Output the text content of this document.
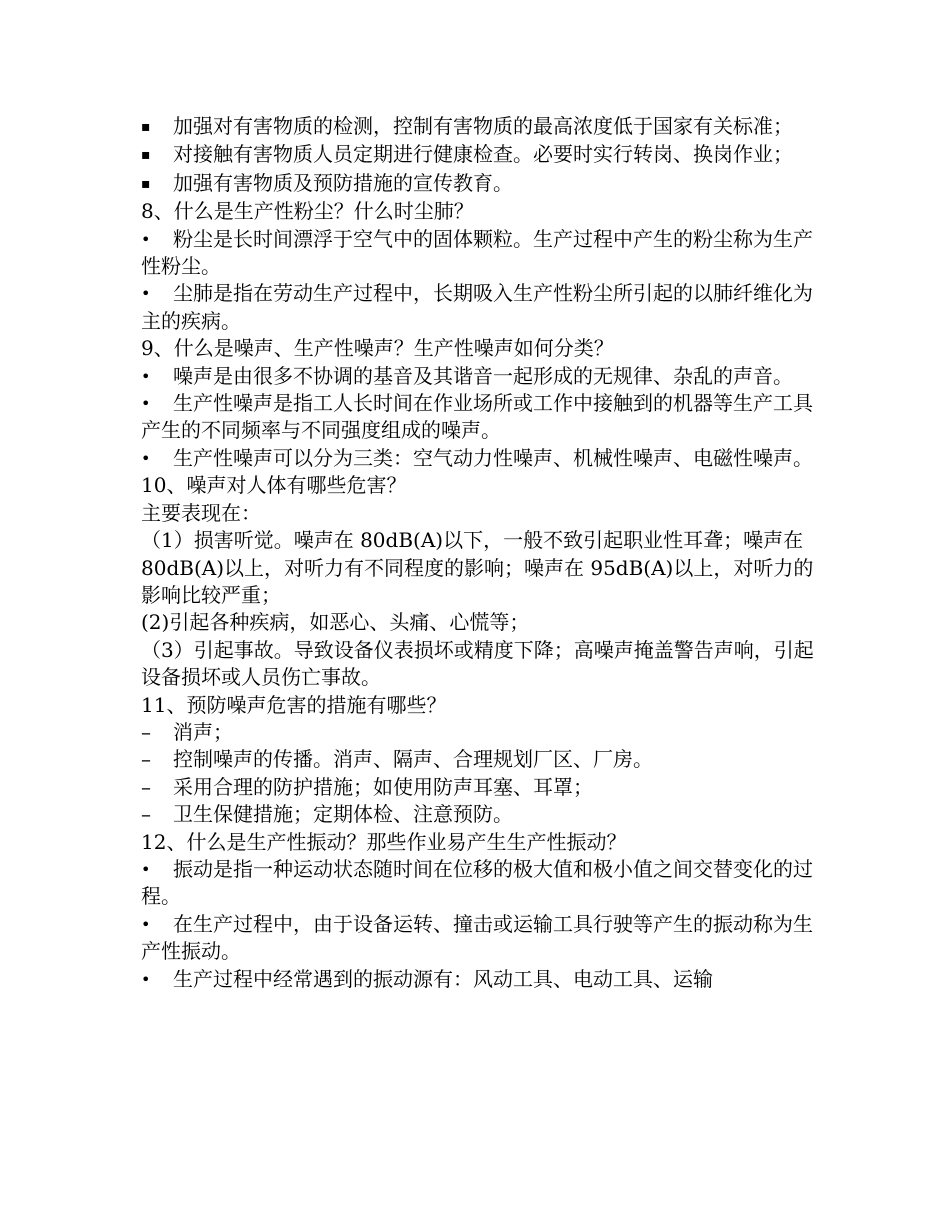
▪ 加强对有害物质的检测，控制有害物质的最高浓度低于国家有关标准；

▪ 对接触有害物质人员定期进行健康检查。必要时实行转岗、换岗作业；

▪ 加强有害物质及预防措施的宣传教育。

8、什么是生产性粉尘？什么时尘肺？

• 粉尘是长时间漂浮于空气中的固体颗粒。生产过程中产生的粉尘称为生产性粉尘。

• 尘肺是指在劳动生产过程中，长期吸入生产性粉尘所引起的以肺纤维化为主的疾病。

9、什么是噪声、生产性噪声？生产性噪声如何分类？

• 噪声是由很多不协调的基音及其谐音一起形成的无规律、杂乱的声音。

• 生产性噪声是指工人长时间在作业场所或工作中接触到的机器等生产工具产生的不同频率与不同强度组成的噪声。

• 生产性噪声可以分为三类：空气动力性噪声、机械性噪声、电磁性噪声。

10、噪声对人体有哪些危害？

主要表现在：

（1）损害听觉。噪声在 80dB(A)以下，一般不致引起职业性耳聋；噪声在 80dB(A)以上，对听力有不同程度的影响；噪声在 95dB(A)以上，对听力的影响比较严重；

(2)引起各种疾病，如恶心、头痛、心慌等；

（3）引起事故。导致设备仪表损坏或精度下降；高噪声掩盖警告声响，引起设备损坏或人员伤亡事故。

11、预防噪声危害的措施有哪些？

– 消声；

– 控制噪声的传播。消声、隔声、合理规划厂区、厂房。

– 采用合理的防护措施；如使用防声耳塞、耳罩；

– 卫生保健措施；定期体检、注意预防。

12、什么是生产性振动？那些作业易产生生产性振动？

• 振动是指一种运动状态随时间在位移的极大值和极小值之间交替变化的过程。

• 在生产过程中，由于设备运转、撞击或运输工具行驶等产生的振动称为生产性振动。

• 生产过程中经常遇到的振动源有：风动工具、电动工具、运输
